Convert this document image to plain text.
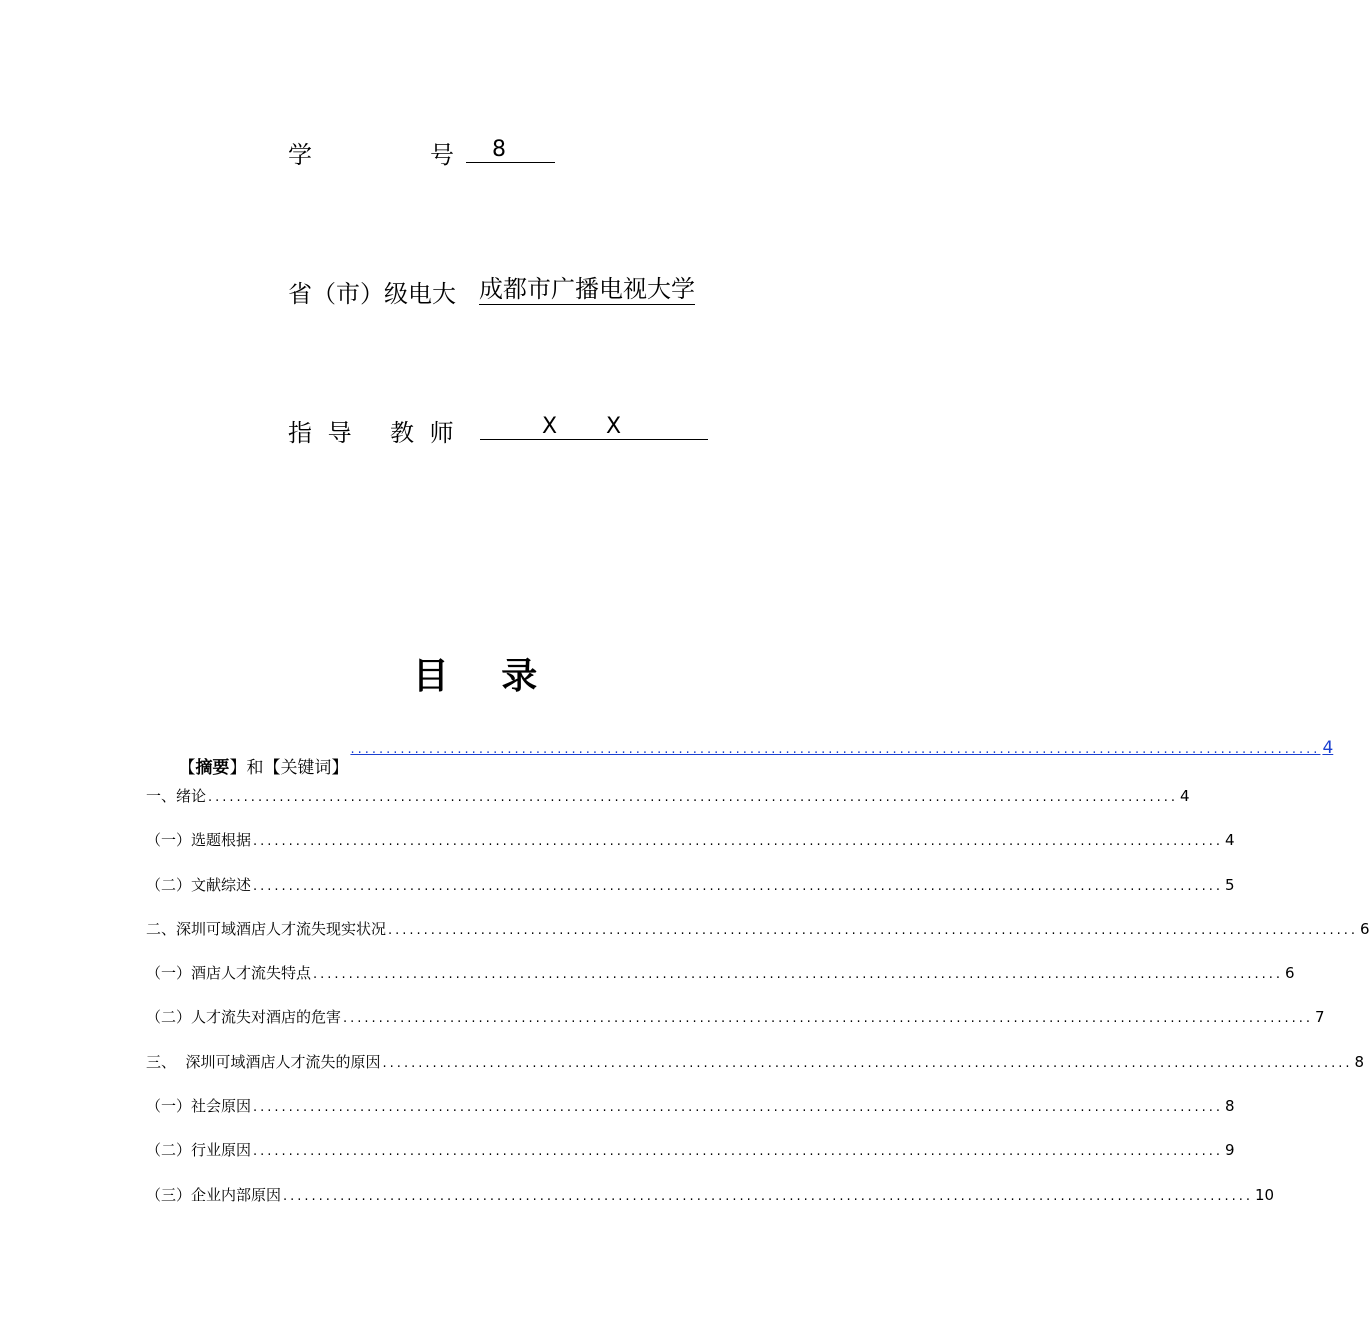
学	号 8
省（市）级电大 成都市广播电视大学
指 导 教 师	X X
目 录

【摘要】和【关键词】

........................................................................................................................................ 4
一、绪论 ........................................................................................................................................ 4
（一）选题根据 ........................................................................................................................................ 4
（二）文献综述 ........................................................................................................................................ 5
二、深圳可域酒店人才流失现实状况 ........................................................................................................................................ 6
（一）酒店人才流失特点 ........................................................................................................................................ 6
（二）人才流失对酒店的危害 ........................................................................................................................................ 7
三、  深圳可域酒店人才流失的原因 ........................................................................................................................................ 8
（一）社会原因 ........................................................................................................................................ 8
（二）行业原因 ........................................................................................................................................ 9
（三）企业内部原因 ........................................................................................................................................ 10
